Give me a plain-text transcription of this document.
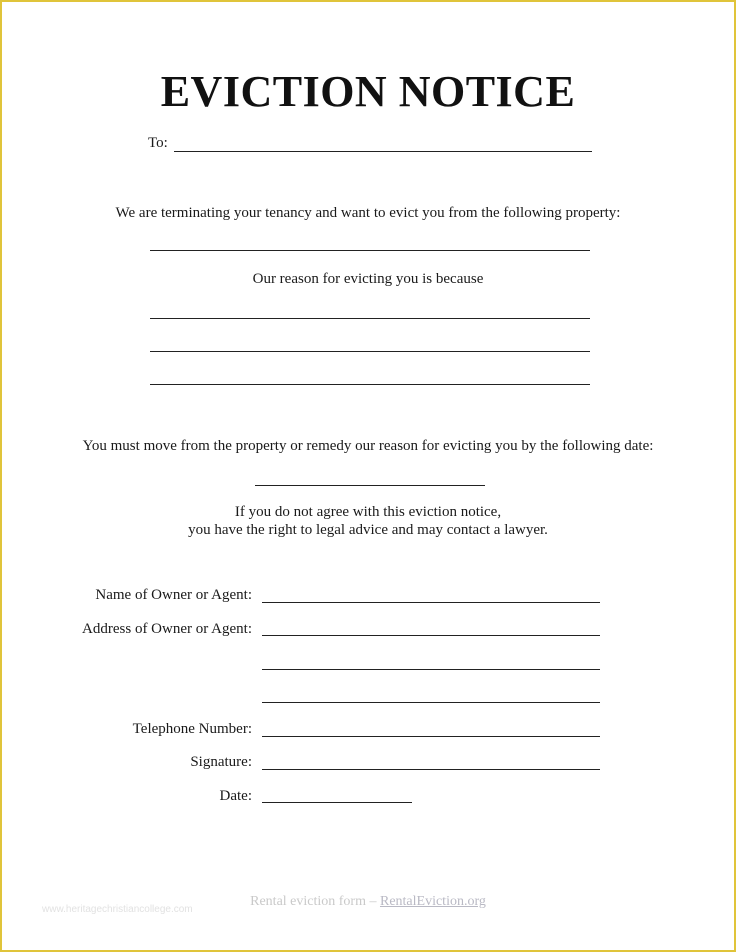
EVICTION NOTICE
To:
We are terminating your tenancy and want to evict you from the following property:
Our reason for evicting you is because
You must move from the property or remedy our reason for evicting you by the following date:
If you do not agree with this eviction notice,
you have the right to legal advice and may contact a lawyer.
Name of Owner or Agent:
Address of Owner or Agent:
Telephone Number:
Signature:
Date:
Rental eviction form – RentalEviction.org
www.heritagechristiancollege.com
